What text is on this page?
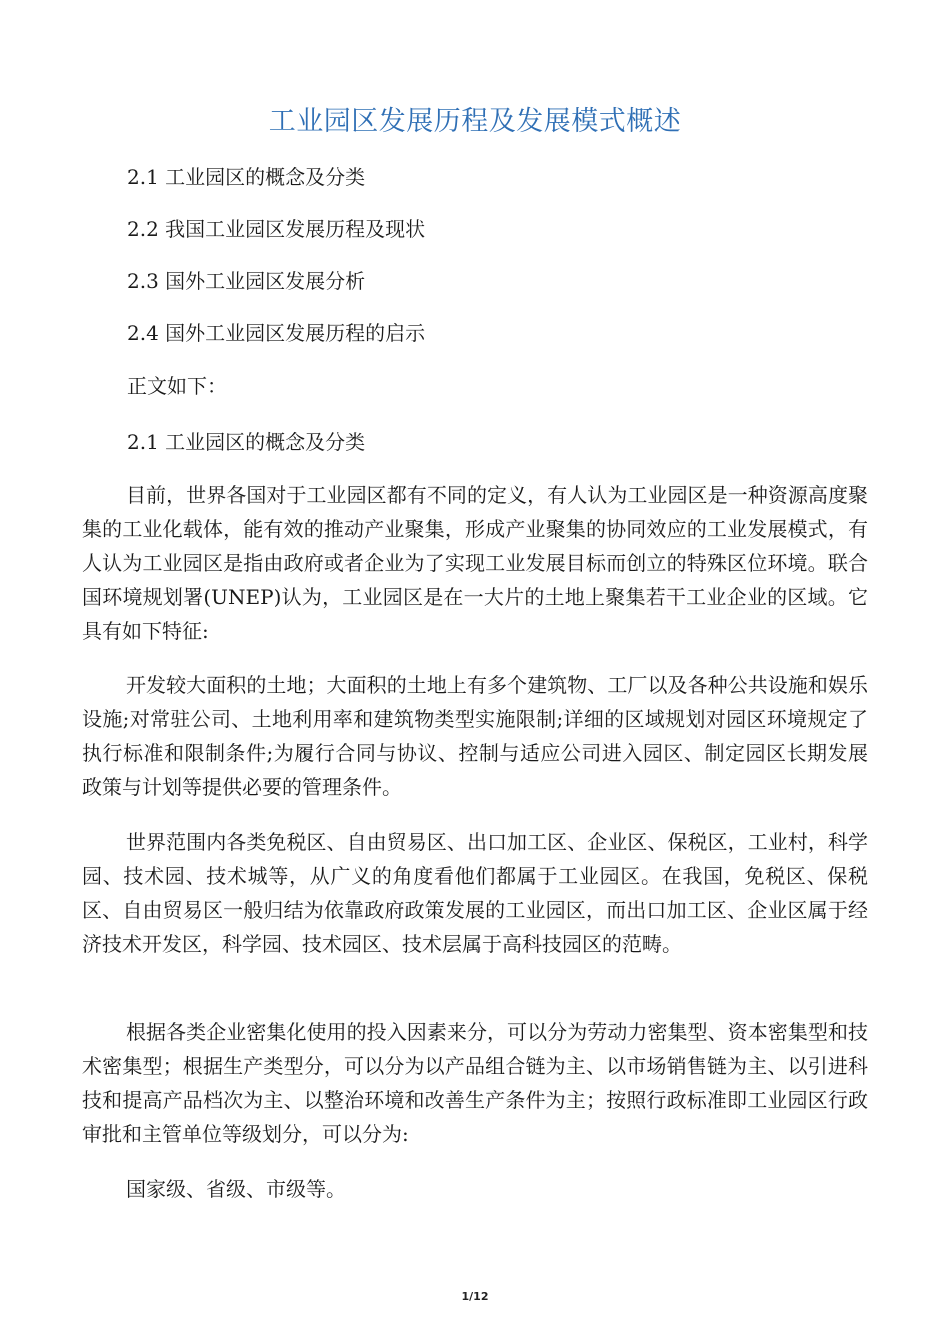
工业园区发展历程及发展模式概述
2.1 工业园区的概念及分类
2.2 我国工业园区发展历程及现状
2.3 国外工业园区发展分析
2.4 国外工业园区发展历程的启示
正文如下：
2.1 工业园区的概念及分类

目前，世界各国对于工业园区都有不同的定义，有人认为工业园区是一种资源高度聚集的工业化载体，能有效的推动产业聚集，形成产业聚集的协同效应的工业发展模式，有人认为工业园区是指由政府或者企业为了实现工业发展目标而创立的特殊区位环境。联合国环境规划署(UNEP)认为，工业园区是在一大片的土地上聚集若干工业企业的区域。它具有如下特征:

开发较大面积的土地；大面积的土地上有多个建筑物、工厂以及各种公共设施和娱乐设施;对常驻公司、土地利用率和建筑物类型实施限制;详细的区域规划对园区环境规定了执行标准和限制条件;为履行合同与协议、控制与适应公司进入园区、制定园区长期发展政策与计划等提供必要的管理条件。

世界范围内各类免税区、自由贸易区、出口加工区、企业区、保税区，工业村，科学园、技术园、技术城等，从广义的角度看他们都属于工业园区。在我国，免税区、保税区、自由贸易区一般归结为依靠政府政策发展的工业园区，而出口加工区、企业区属于经济技术开发区，科学园、技术园区、技术层属于高科技园区的范畴。

根据各类企业密集化使用的投入因素来分，可以分为劳动力密集型、资本密集型和技术密集型；根据生产类型分，可以分为以产品组合链为主、以市场销售链为主、以引进科技和提高产品档次为主、以整治环境和改善生产条件为主；按照行政标准即工业园区行政审批和主管单位等级划分，可以分为:

国家级、省级、市级等。

1/12
